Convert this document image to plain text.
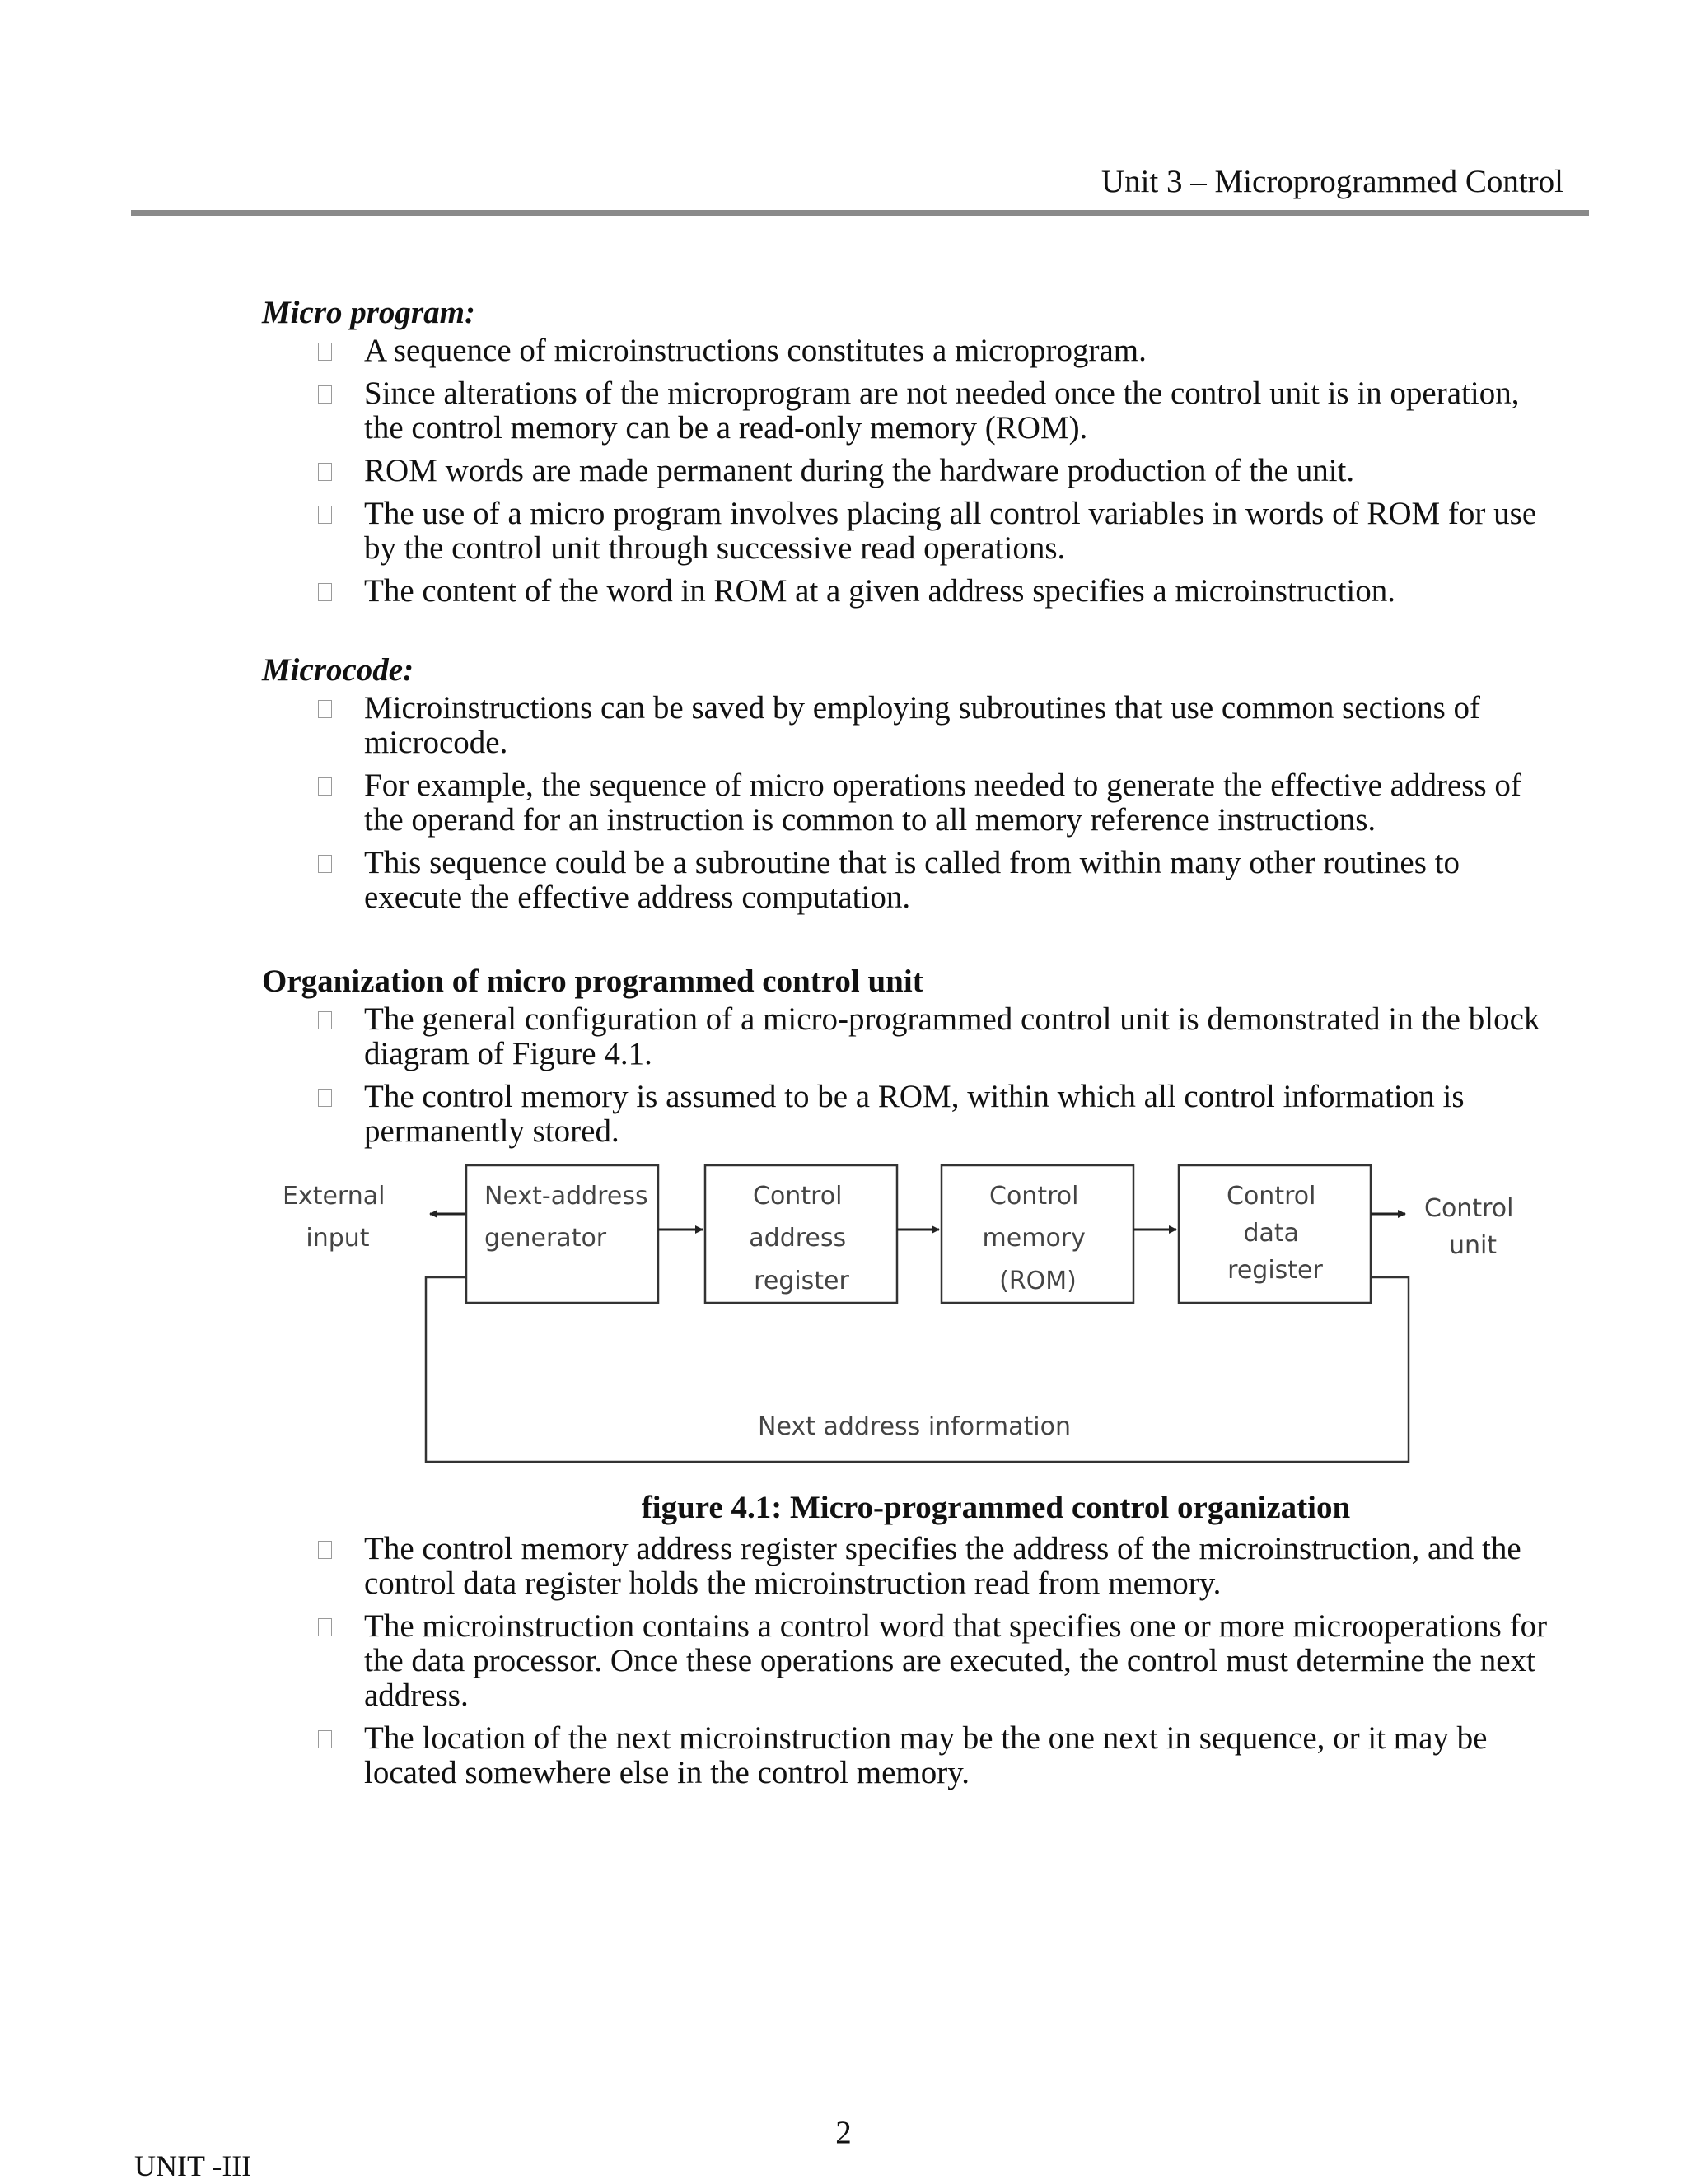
Unit 3 – Microprogrammed Control
Micro program:
A sequence of microinstructions constitutes a microprogram.
Since alterations of the microprogram are not needed once the control unit is in operation, the control memory can be a read-only memory (ROM).
ROM words are made permanent during the hardware production of the unit.
The use of a micro program involves placing all control variables in words of ROM for use by the control unit through successive read operations.
The content of the word in ROM at a given address specifies a microinstruction.
Microcode:
Microinstructions can be saved by employing subroutines that use common sections of microcode.
For example, the sequence of micro operations needed to generate the effective address of the operand for an instruction is common to all memory reference instructions.
This sequence could be a subroutine that is called from within many other routines to execute the effective address computation.
Organization of micro programmed control unit
The general configuration of a micro-programmed control unit is demonstrated in the block diagram of Figure 4.1.
The control memory is assumed to be a ROM, within which all control information is permanently stored.
External input
Next-address generator
Control address register
Control memory (ROM)
Control data register
Control unit
Next address information
figure 4.1: Micro-programmed control organization
The control memory address register specifies the address of the microinstruction, and the control data register holds the microinstruction read from memory.
The microinstruction contains a control word that specifies one or more microoperations for the data processor. Once these operations are executed, the control must determine the next address.
The location of the next microinstruction may be the one next in sequence, or it may be located somewhere else in the control memory.
2
UNIT -III
